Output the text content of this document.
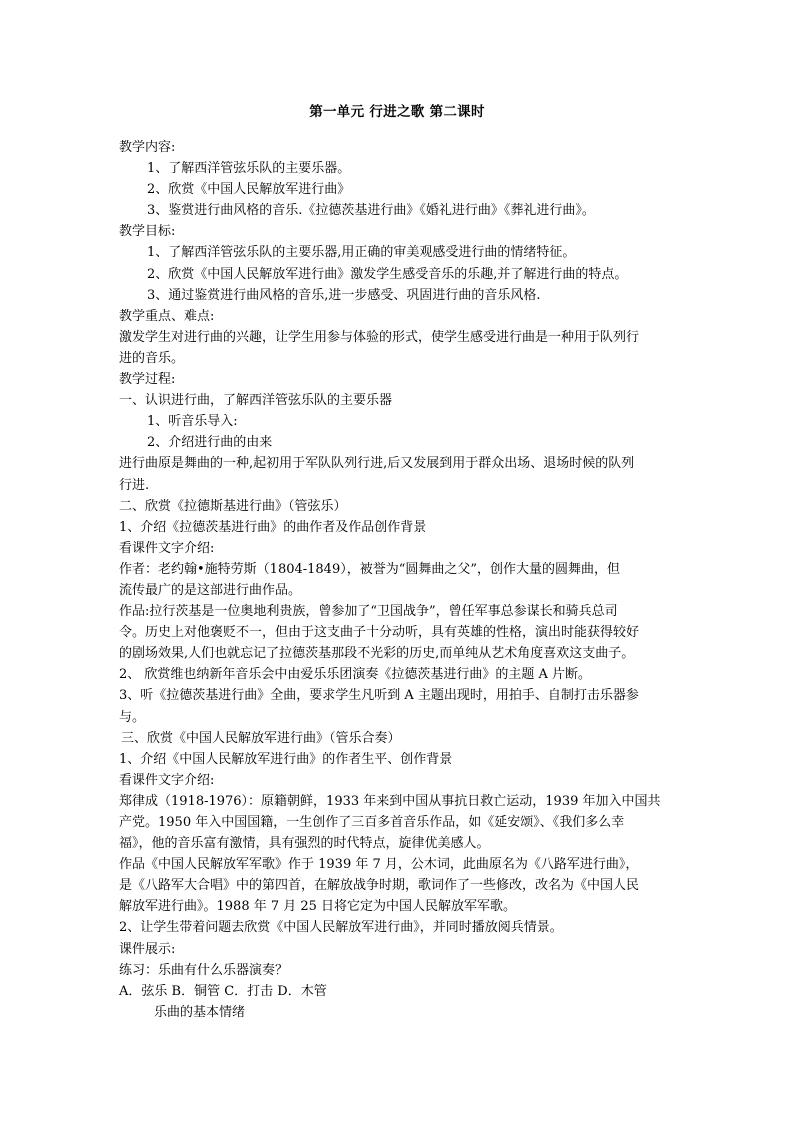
第一单元 行进之歌 第二课时
教学内容:
1、了解西洋管弦乐队的主要乐器。
2、欣赏《中国人民解放军进行曲》
3、鉴赏进行曲风格的音乐.《拉德茨基进行曲》《婚礼进行曲》《葬礼进行曲》。
教学目标:
1、了解西洋管弦乐队的主要乐器,用正确的审美观感受进行曲的情绪特征。
2、欣赏《中国人民解放军进行曲》激发学生感受音乐的乐趣,并了解进行曲的特点。
3、通过鉴赏进行曲风格的音乐,进一步感受、巩固进行曲的音乐风格.
教学重点、难点:
激发学生对进行曲的兴趣，让学生用参与体验的形式，使学生感受进行曲是一种用于队列行
进的音乐。
教学过程:
一、认识进行曲，了解西洋管弦乐队的主要乐器
1、听音乐导入:
2、介绍进行曲的由来
进行曲原是舞曲的一种,起初用于军队队列行进,后又发展到用于群众出场、退场时候的队列
行进.
二、欣赏《拉德斯基进行曲》（管弦乐）
1、介绍《拉德茨基进行曲》的曲作者及作品创作背景
看课件文字介绍:
作者：老约翰•施特劳斯（1804-1849），被誉为“圆舞曲之父”，创作大量的圆舞曲，但
流传最广的是这部进行曲作品。
作品:拉行茨基是一位奥地利贵族，曾参加了“卫国战争”，曾任军事总参谋长和骑兵总司
令。历史上对他褒贬不一，但由于这支曲子十分动听，具有英雄的性格，演出时能获得较好
的剧场效果,人们也就忘记了拉德茨基那段不光彩的历史,而单纯从艺术角度喜欢这支曲子。
2、 欣赏维也纳新年音乐会中由爱乐乐团演奏《拉德茨基进行曲》的主题 A 片断。
3、听《拉德茨基进行曲》全曲，要求学生凡听到 A 主题出现时，用拍手、自制打击乐器参
与。
三、欣赏《中国人民解放军进行曲》（管乐合奏）
1、介绍《中国人民解放军进行曲》的作者生平、创作背景
看课件文字介绍:
郑律成（1918-1976）：原籍朝鲜，1933 年来到中国从事抗日救亡运动，1939 年加入中国共
产党。1950 年入中国国籍，一生创作了三百多首音乐作品，如《延安颂》、《我们多么幸
福》，他的音乐富有激情，具有强烈的时代特点，旋律优美感人。
作品《中国人民解放军军歌》作于 1939 年 7 月，公木词，此曲原名为《八路军进行曲》，
是《八路军大合唱》中的第四首，在解放战争时期，歌词作了一些修改，改名为《中国人民
解放军进行曲》。1988 年 7 月 25 日将它定为中国人民解放军军歌。
2、让学生带着问题去欣赏《中国人民解放军进行曲》，并同时播放阅兵情景。
课件展示:
练习：乐曲有什么乐器演奏？
A．弦乐 B．铜管 C．打击 D．木管
乐曲的基本情绪
